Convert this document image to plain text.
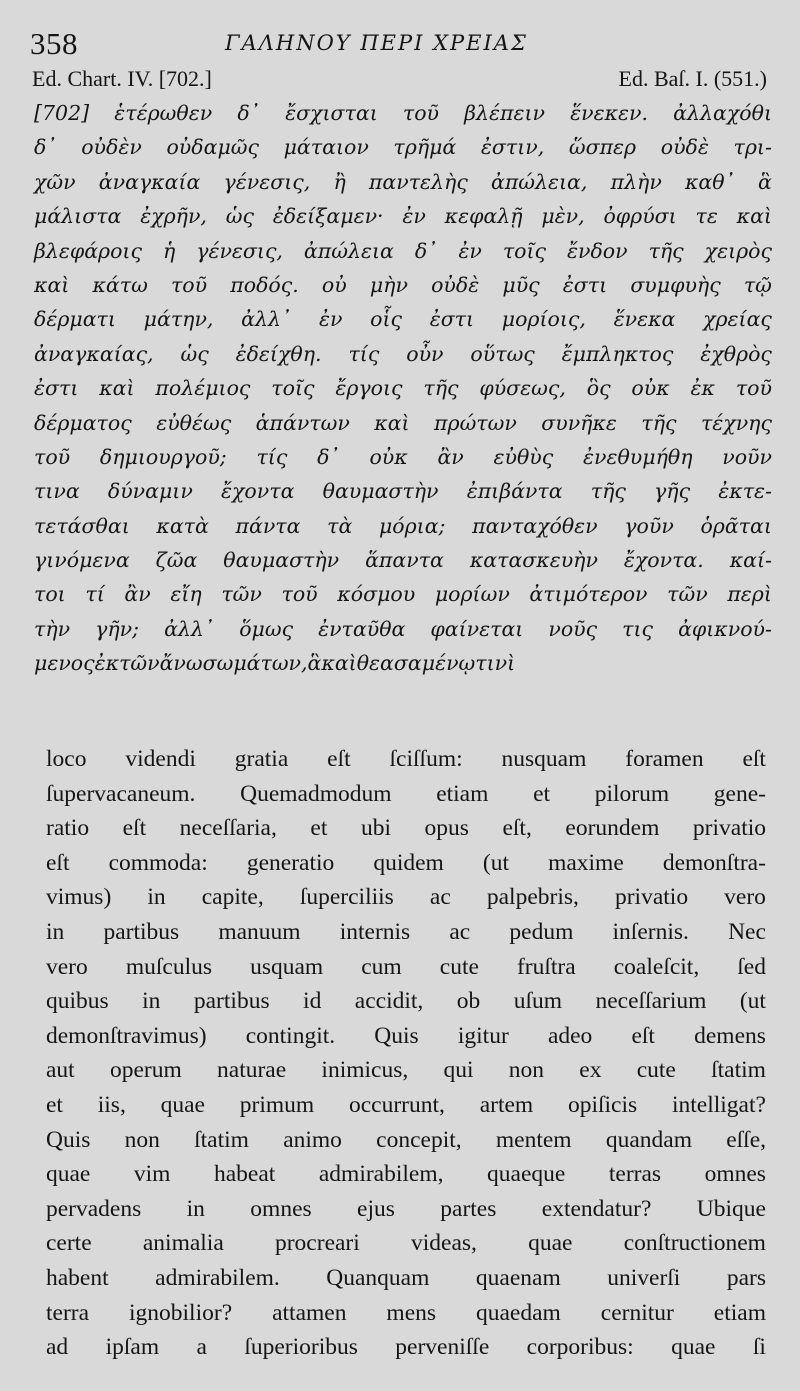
358	ΓΑΛΗΝΟΥ ΠΕΡΙ ΧΡΕΙΑΣ
Ed. Chart. IV. [702.]	Ed. Baſ. I. (551.)
[702] ἑτέρωθεν δ᾽ ἔσχισται τοῦ βλέπειν ἕνεκεν. ἀλλαχόθι
δ᾽ οὐδὲν οὐδαμῶς μάταιον τρῆμά ἐστιν, ὥσπερ οὐδὲ τρι-
χῶν ἀναγκαία γένεσις, ἢ παντελὴς ἀπώλεια, πλὴν καθ᾽ ἃ
μάλιστα ἐχρῆν, ὡς ἐδείξαμεν· ἐν κεφαλῇ μὲν, ὀφρύσι τε καὶ
βλεφάροις ἡ γένεσις, ἀπώλεια δ᾽ ἐν τοῖς ἔνδον τῆς χειρὸς
καὶ κάτω τοῦ ποδός. οὐ μὴν οὐδὲ μῦς ἐστι συμφυὴς τῷ
δέρματι μάτην, ἀλλ᾽ ἐν οἷς ἐστι μορίοις, ἕνεκα χρείας
ἀναγκαίας, ὡς ἐδείχθη. τίς οὖν οὕτως ἔμπληκτος ἐχθρὸς
ἐστι καὶ πολέμιος τοῖς ἔργοις τῆς φύσεως, ὃς οὐκ ἐκ τοῦ
δέρματος εὐθέως ἁπάντων καὶ πρώτων συνῆκε τῆς τέχνης
τοῦ δημιουργοῦ; τίς δ᾽ οὐκ ἂν εὐθὺς ἐνεθυμήθη νοῦν
τινα δύναμιν ἔχοντα θαυμαστὴν ἐπιβάντα τῆς γῆς ἐκτε-
τετάσθαι κατὰ πάντα τὰ μόρια; πανταχόθεν γοῦν ὁρᾶται
γινόμενα ζῶα θαυμαστὴν ἅπαντα κατασκευὴν ἔχοντα. καί-
τοι τί ἂν εἴη τῶν τοῦ κόσμου μορίων ἀτιμότερον τῶν περὶ
τὴν γῆν; ἀλλ᾽ ὅμως ἐνταῦθα φαίνεται νοῦς τις ἀφικνού-
μενος ἐκ τῶν ἄνω σωμάτων, ἃ καὶ θεασαμένῳ τινὶ
loco videndi gratia eſt ſciſſum: nusquam foramen eſt
ſupervacaneum. Quemadmodum etiam et pilorum gene-
ratio eſt neceſſaria, et ubi opus eſt, eorundem privatio
eſt commoda: generatio quidem (ut maxime demonſtra-
vimus) in capite, ſuperciliis ac palpebris, privatio vero
in partibus manuum internis ac pedum inſernis. Nec
vero muſculus usquam cum cute fruſtra coaleſcit, ſed
quibus in partibus id accidit, ob uſum neceſſarium (ut
demonſtravimus) contingit. Quis igitur adeo eſt demens
aut operum naturae inimicus, qui non ex cute ſtatim
et iis, quae primum occurrunt, artem opiſicis intelligat?
Quis non ſtatim animo concepit, mentem quandam eſſe,
quae vim habeat admirabilem, quaeque terras omnes
pervadens in omnes ejus partes extendatur? Ubique
certe animalia procreari videas, quae conſtructionem
habent admirabilem. Quanquam quaenam univerſi pars
terra ignobilior? attamen mens quaedam cernitur etiam
ad ipſam a ſuperioribus perveniſſe corporibus: quae ſi
